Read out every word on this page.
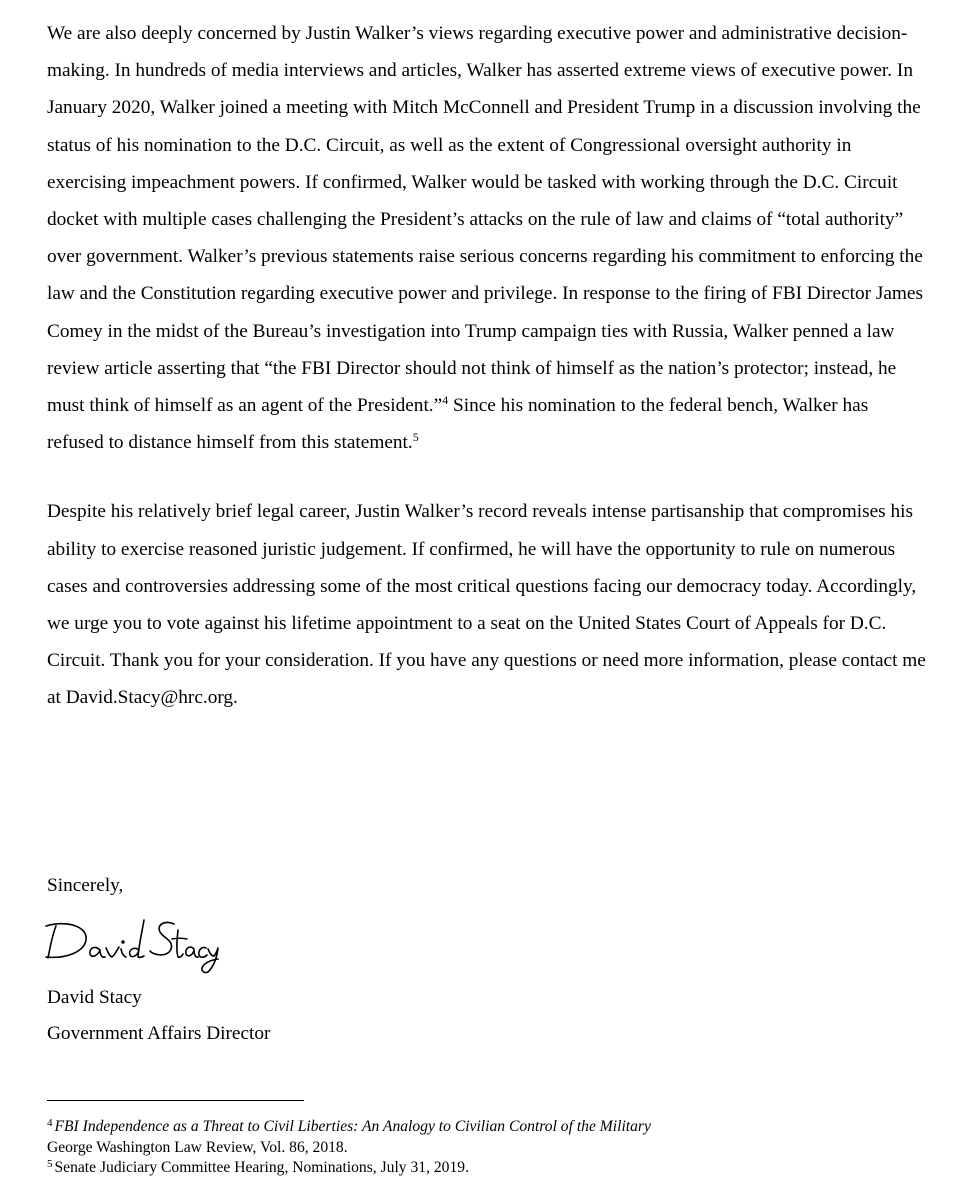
We are also deeply concerned by Justin Walker’s views regarding executive power and administrative decision-making. In hundreds of media interviews and articles, Walker has asserted extreme views of executive power. In January 2020, Walker joined a meeting with Mitch McConnell and President Trump in a discussion involving the status of his nomination to the D.C. Circuit, as well as the extent of Congressional oversight authority in exercising impeachment powers. If confirmed, Walker would be tasked with working through the D.C. Circuit docket with multiple cases challenging the President’s attacks on the rule of law and claims of “total authority” over government. Walker’s previous statements raise serious concerns regarding his commitment to enforcing the law and the Constitution regarding executive power and privilege. In response to the firing of FBI Director James Comey in the midst of the Bureau’s investigation into Trump campaign ties with Russia, Walker penned a law review article asserting that “the FBI Director should not think of himself as the nation’s protector; instead, he must think of himself as an agent of the President.”$^4$ Since his nomination to the federal bench, Walker has refused to distance himself from this statement.$^5$

Despite his relatively brief legal career, Justin Walker’s record reveals intense partisanship that compromises his ability to exercise reasoned juristic judgement. If confirmed, he will have the opportunity to rule on numerous cases and controversies addressing some of the most critical questions facing our democracy today. Accordingly, we urge you to vote against his lifetime appointment to a seat on the United States Court of Appeals for D.C. Circuit. Thank you for your consideration. If you have any questions or need more information, please contact me at David.Stacy@hrc.org.

Sincerely,

David Stacy

Government Affairs Director

$^4$ FBI Independence as a Threat to Civil Liberties: An Analogy to Civilian Control of the Military

George Washington Law Review, Vol. 86, 2018.

$^5$ Senate Judiciary Committee Hearing, Nominations, July 31, 2019.
